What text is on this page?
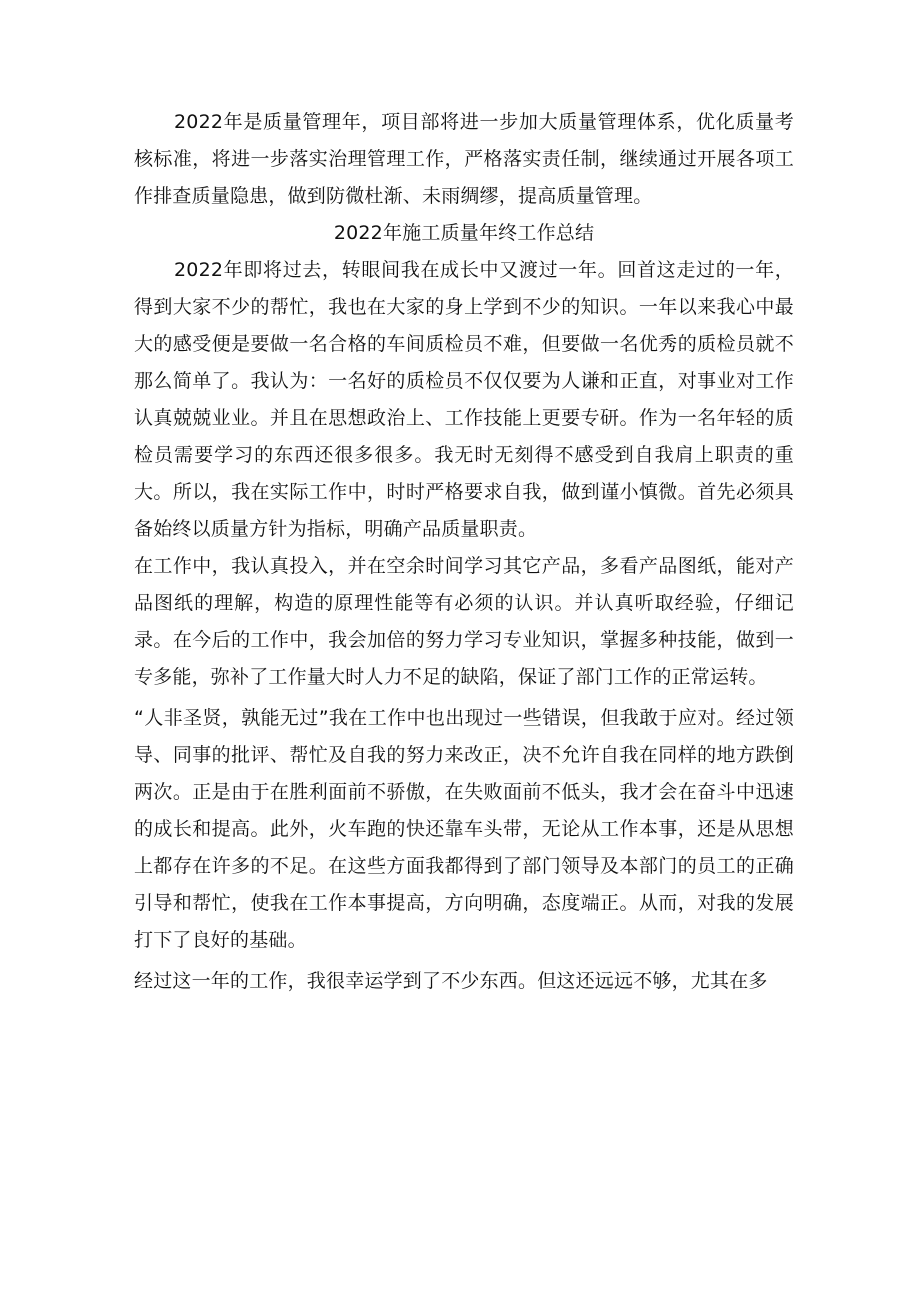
2022年是质量管理年，项目部将进一步加大质量管理体系，优化质量考核标准，将进一步落实治理管理工作，严格落实责任制，继续通过开展各项工作排查质量隐患，做到防微杜渐、未雨绸缪，提高质量管理。

2022年施工质量年终工作总结

2022年即将过去，转眼间我在成长中又渡过一年。回首这走过的一年，得到大家不少的帮忙，我也在大家的身上学到不少的知识。一年以来我心中最大的感受便是要做一名合格的车间质检员不难，但要做一名优秀的质检员就不那么简单了。我认为：一名好的质检员不仅仅要为人谦和正直，对事业对工作认真兢兢业业。并且在思想政治上、工作技能上更要专研。作为一名年轻的质检员需要学习的东西还很多很多。我无时无刻得不感受到自我肩上职责的重大。所以，我在实际工作中，时时严格要求自我，做到谨小慎微。首先必须具备始终以质量方针为指标，明确产品质量职责。

在工作中，我认真投入，并在空余时间学习其它产品，多看产品图纸，能对产品图纸的理解，构造的原理性能等有必须的认识。并认真听取经验，仔细记录。在今后的工作中，我会加倍的努力学习专业知识，掌握多种技能，做到一专多能，弥补了工作量大时人力不足的缺陷，保证了部门工作的正常运转。

“人非圣贤，孰能无过”我在工作中也出现过一些错误，但我敢于应对。经过领导、同事的批评、帮忙及自我的努力来改正，决不允许自我在同样的地方跌倒两次。正是由于在胜利面前不骄傲，在失败面前不低头，我才会在奋斗中迅速的成长和提高。此外，火车跑的快还靠车头带，无论从工作本事，还是从思想上都存在许多的不足。在这些方面我都得到了部门领导及本部门的员工的正确引导和帮忙，使我在工作本事提高，方向明确，态度端正。从而，对我的发展打下了良好的基础。

经过这一年的工作，我很幸运学到了不少东西。但这还远远不够，尤其在多
